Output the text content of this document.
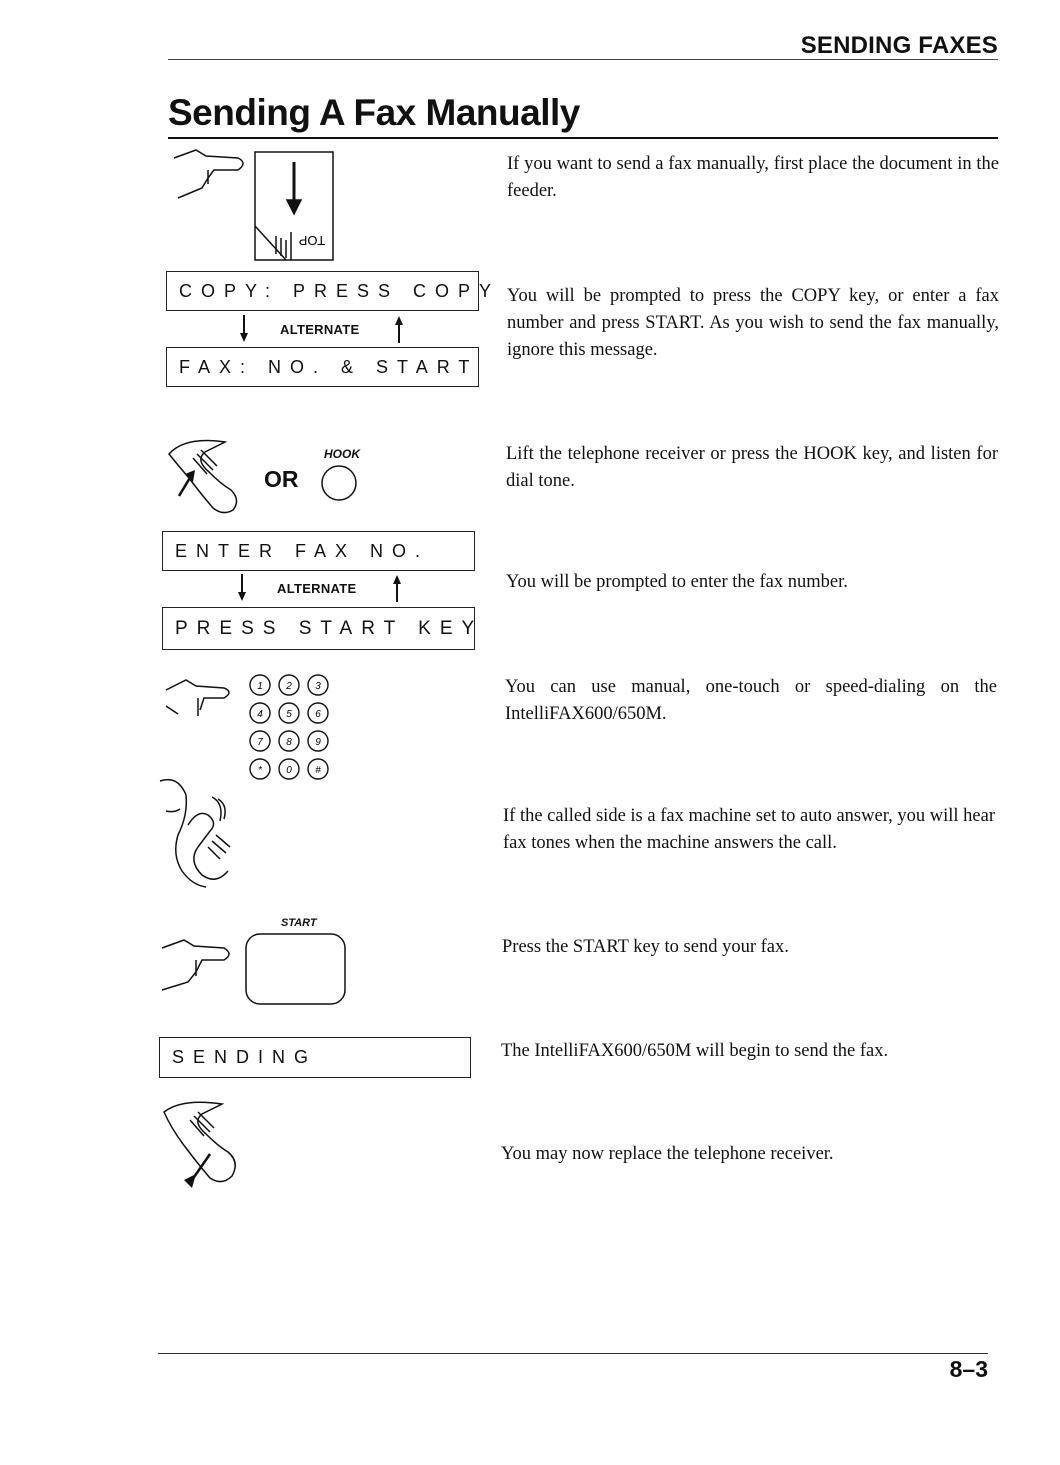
SENDING FAXES
Sending A Fax Manually
TOP
If you want to send a fax manually, first place the document in the feeder.
COPY: PRESS COPY
ALTERNATE
FAX: NO. & START
You will be prompted to press the COPY key, or enter a fax number and press START. As you wish to send the fax manually, ignore this message.
OR
HOOK	Lift the telephone receiver or press the HOOK key, and listen for dial tone.
ENTER FAX NO.
ALTERNATE
PRESS START KEY
You will be prompted to enter the fax number.
1 2 3
4 5 6
7 8 9
* 0 #
You can use manual, one-touch or speed-dialing on the IntelliFAX600/650M.
If the called side is a fax machine set to auto answer, you will hear fax tones when the machine answers the call.
START
Press the START key to send your fax.
SENDING	The IntelliFAX600/650M will begin to send the fax.
You may now replace the telephone receiver.
8–3
